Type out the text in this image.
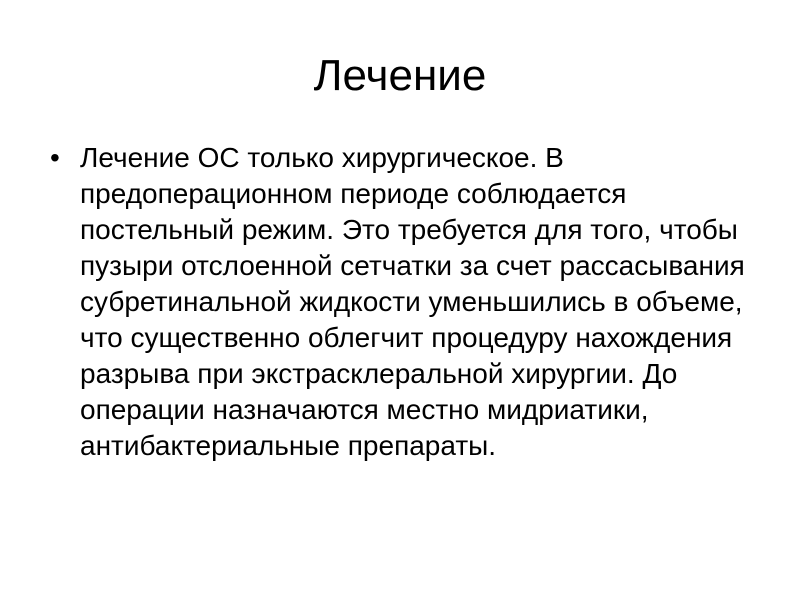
Лечение
• Лечение ОС только хирургическое. В предоперационном периоде соблюдается постельный режим. Это требуется для того, чтобы пузыри отслоенной сетчатки за счет рассасывания субретинальной жидкости уменьшились в объеме, что существенно облегчит процедуру нахождения разрыва при экстрасклеральной хирургии. До операции назначаются местно мидриатики, антибактериальные препараты.
